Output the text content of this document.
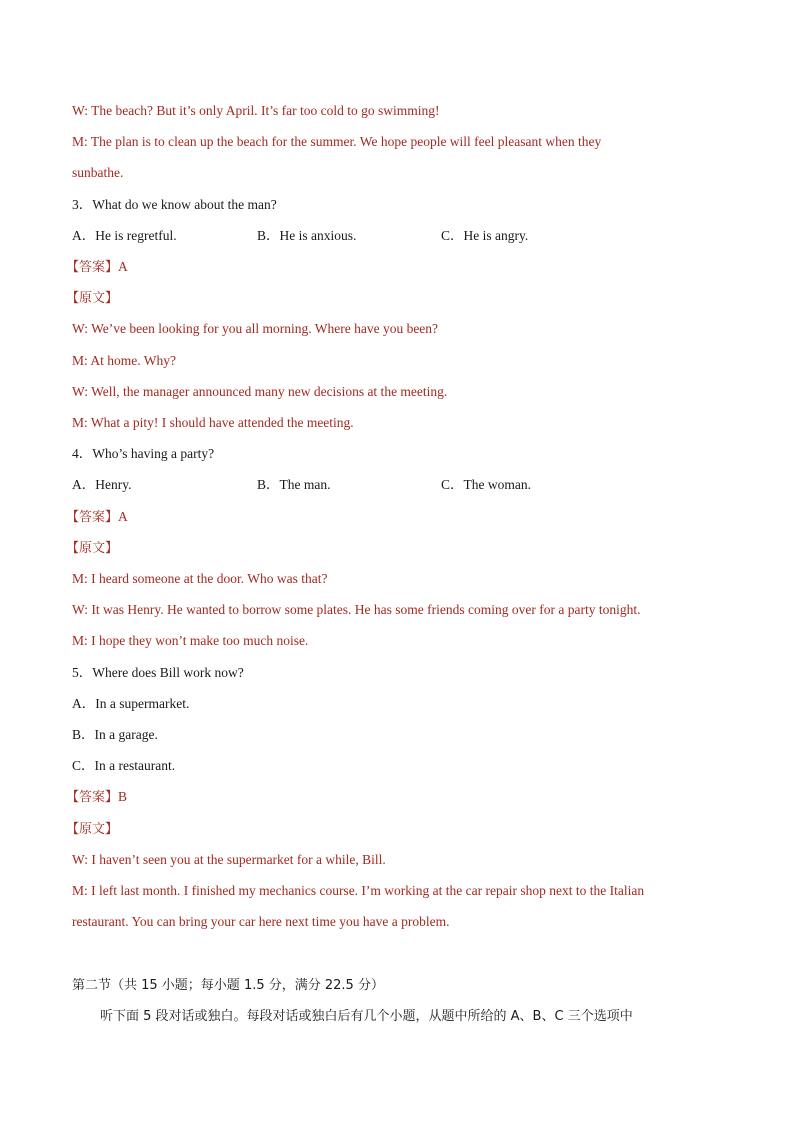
W: The beach? But it’s only April. It’s far too cold to go swimming!
M: The plan is to clean up the beach for the summer. We hope people will feel pleasant when they
sunbathe.
3．What do we know about the man?
A．He is regretful.	B．He is anxious.	C．He is angry.
【答案】A
【原文】
W: We’ve been looking for you all morning. Where have you been?
M: At home. Why?
W: Well, the manager announced many new decisions at the meeting.
M: What a pity! I should have attended the meeting.
4．Who’s having a party?
A．Henry.	B．The man.	C．The woman.
【答案】A
【原文】
M: I heard someone at the door. Who was that?
W: It was Henry. He wanted to borrow some plates. He has some friends coming over for a party tonight.
M: I hope they won’t make too much noise.
5．Where does Bill work now?
A．In a supermarket.
B．In a garage.
C．In a restaurant.
【答案】B
【原文】
W: I haven’t seen you at the supermarket for a while, Bill.
M: I left last month. I finished my mechanics course. I’m working at the car repair shop next to the Italian
restaurant. You can bring your car here next time you have a problem.
第二节（共 15 小题；每小题 1.5 分，满分 22.5 分）
听下面 5 段对话或独白。每段对话或独白后有几个小题，从题中所给的 A、B、C 三个选项中
